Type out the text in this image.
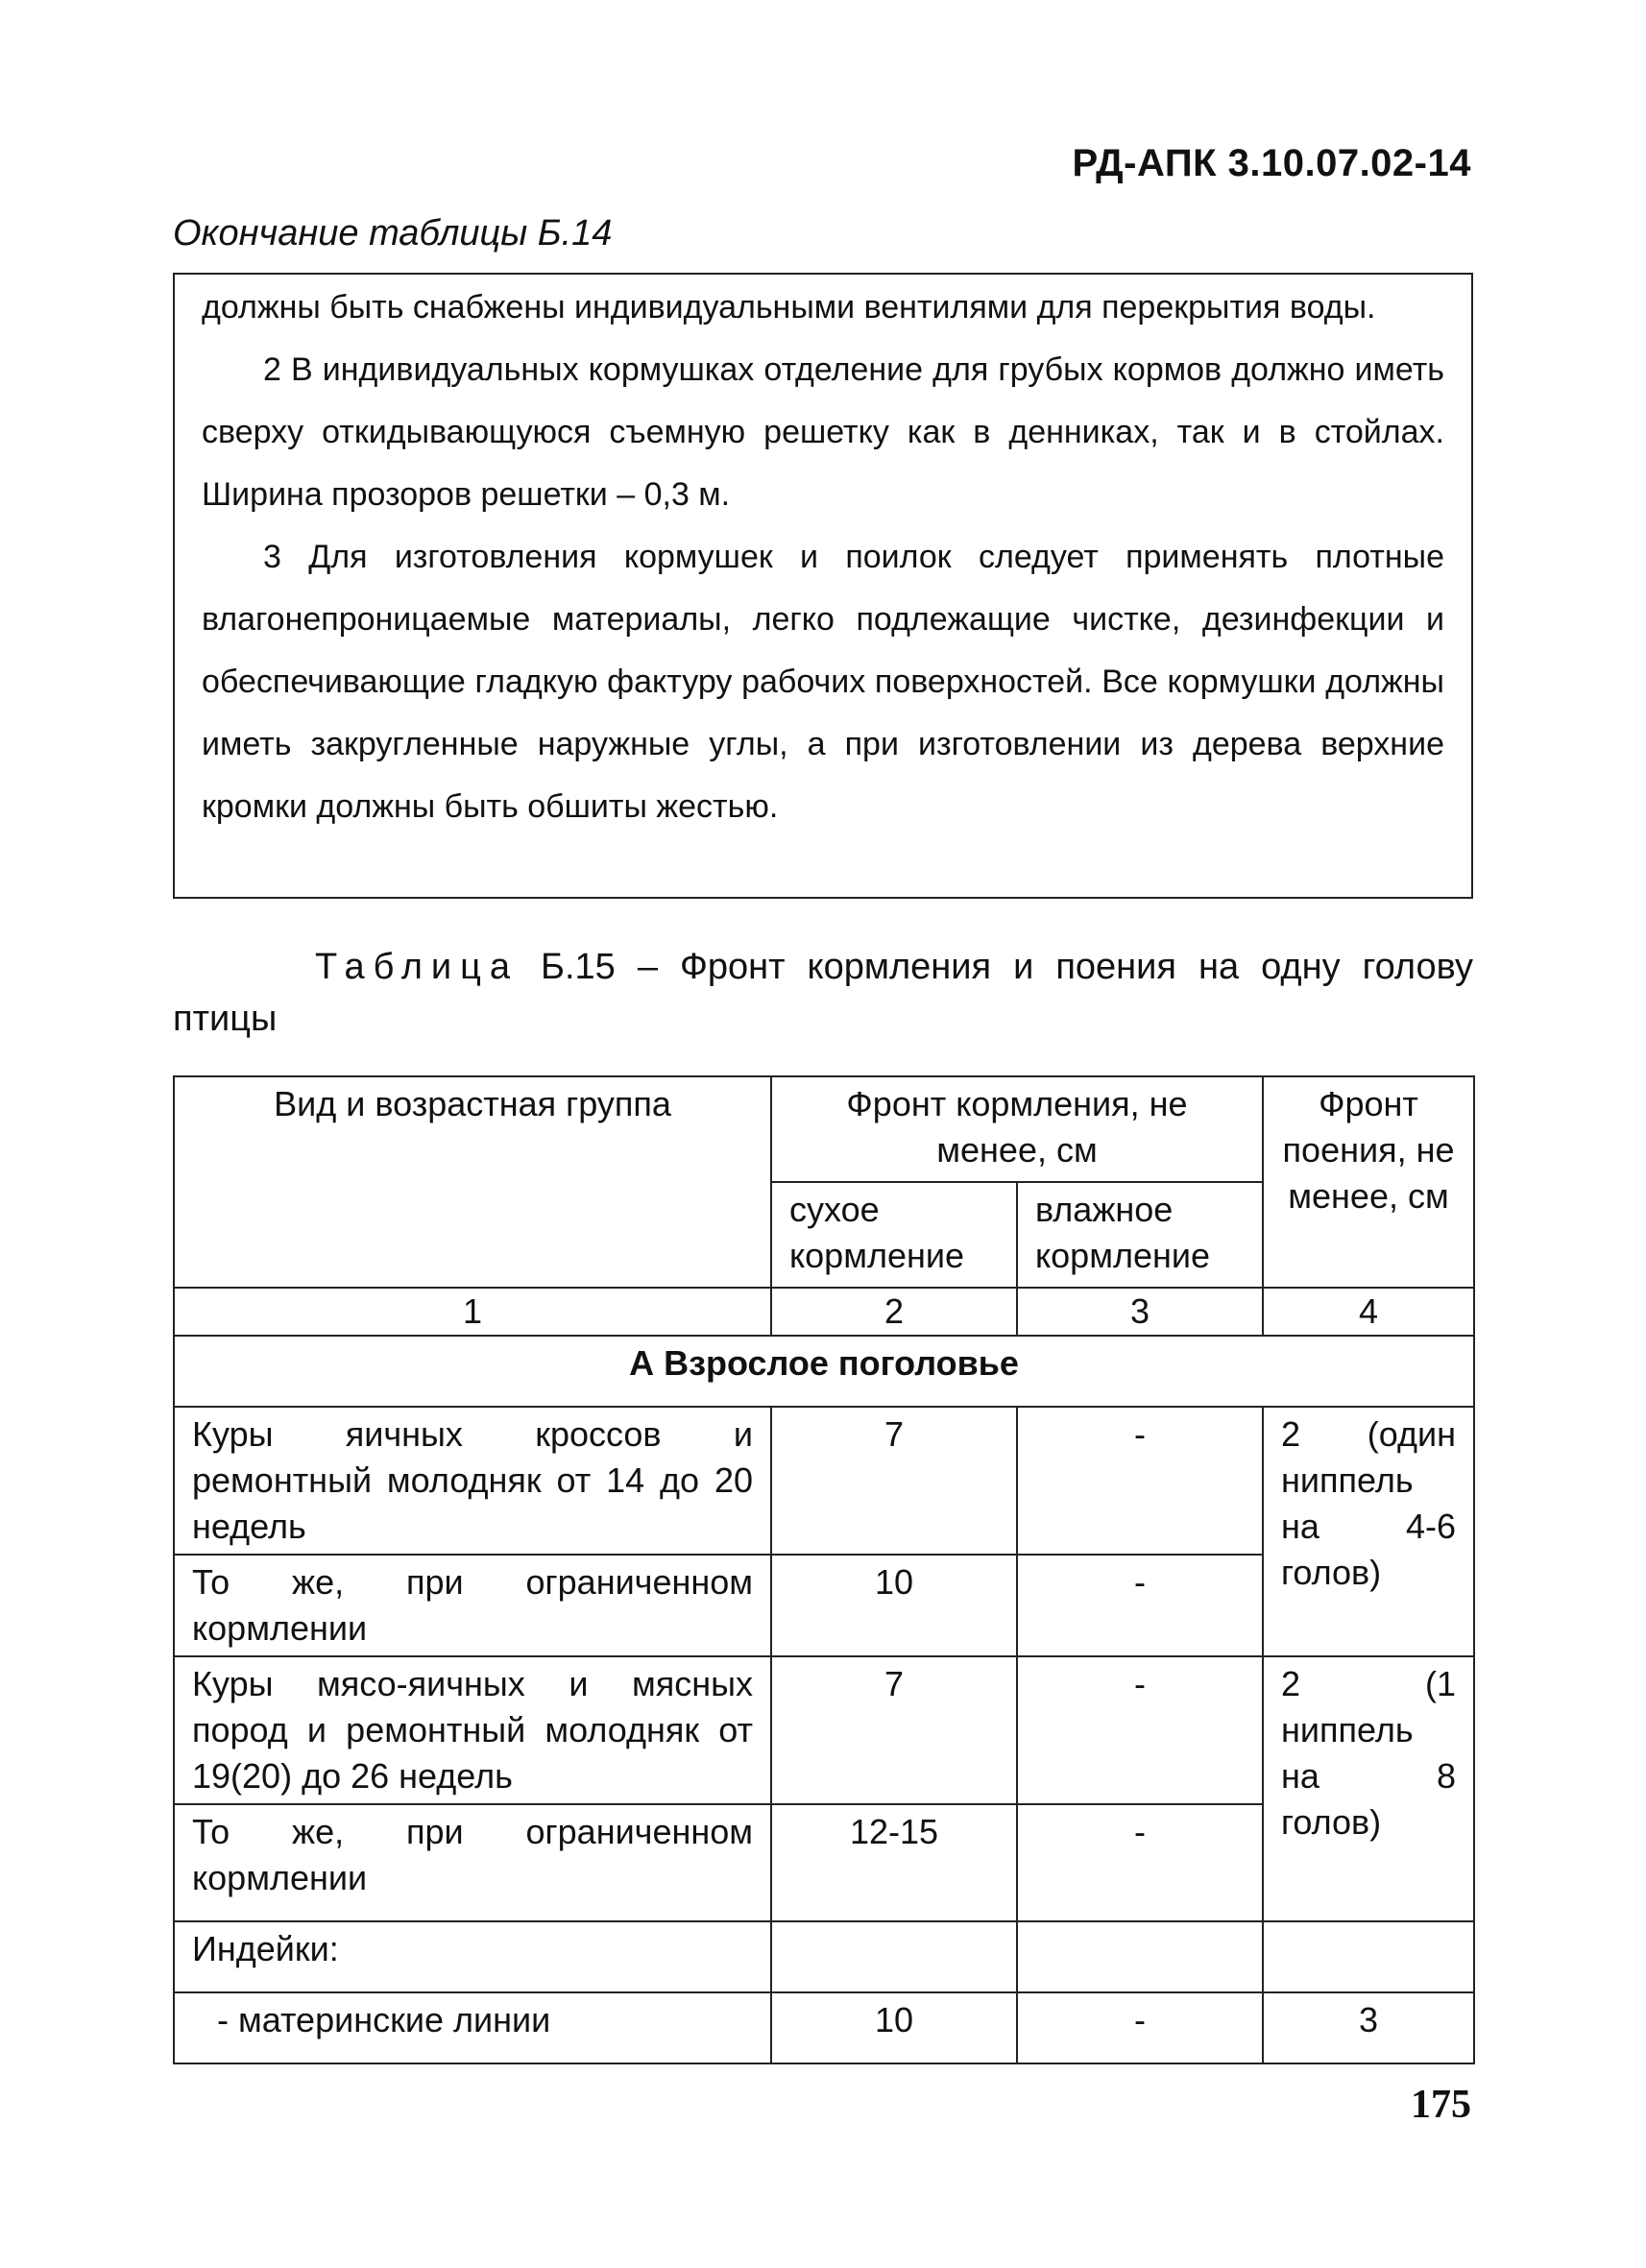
РД-АПК 3.10.07.02-14
Окончание таблицы Б.14

должны быть снабжены индивидуальными вентилями для перекрытия воды.

2 В индивидуальных кормушках отделение для грубых кормов должно иметь сверху откидывающуюся съемную решетку как в денниках, так и в стойлах. Ширина прозоров решетки – 0,3 м.

3 Для изготовления кормушек и поилок следует применять плотные влагонепроницаемые материалы, легко подлежащие чистке, дезинфекции и обеспечивающие гладкую фактуру рабочих поверхностей. Все кормушки должны иметь закругленные наружные углы, а при изготовлении из дерева верхние кромки должны быть обшиты жестью.

Таблица Б.15 – Фронт кормления и поения на одну голову птицы
Вид и возрастная группа	Фронт кормления, не менее, см		Фронт поения, не менее, см
	сухое кормление	влажное кормление	
1	2	3	4
А Взрослое поголовье			
Куры яичных кроссов и ремонтный молодняк от 14 до 20 недель	7	-	2 (один ниппель на 4-6 голов)
То же, при ограниченном кормлении	10	-	
Куры мясо-яичных и мясных пород и ремонтный молодняк от 19(20) до 26 недель	7	-	2 (1 ниппель на 8 голов)
То же, при ограниченном кормлении	12-15	-	
Индейки:			
- материнские линии	10	-	3
175
